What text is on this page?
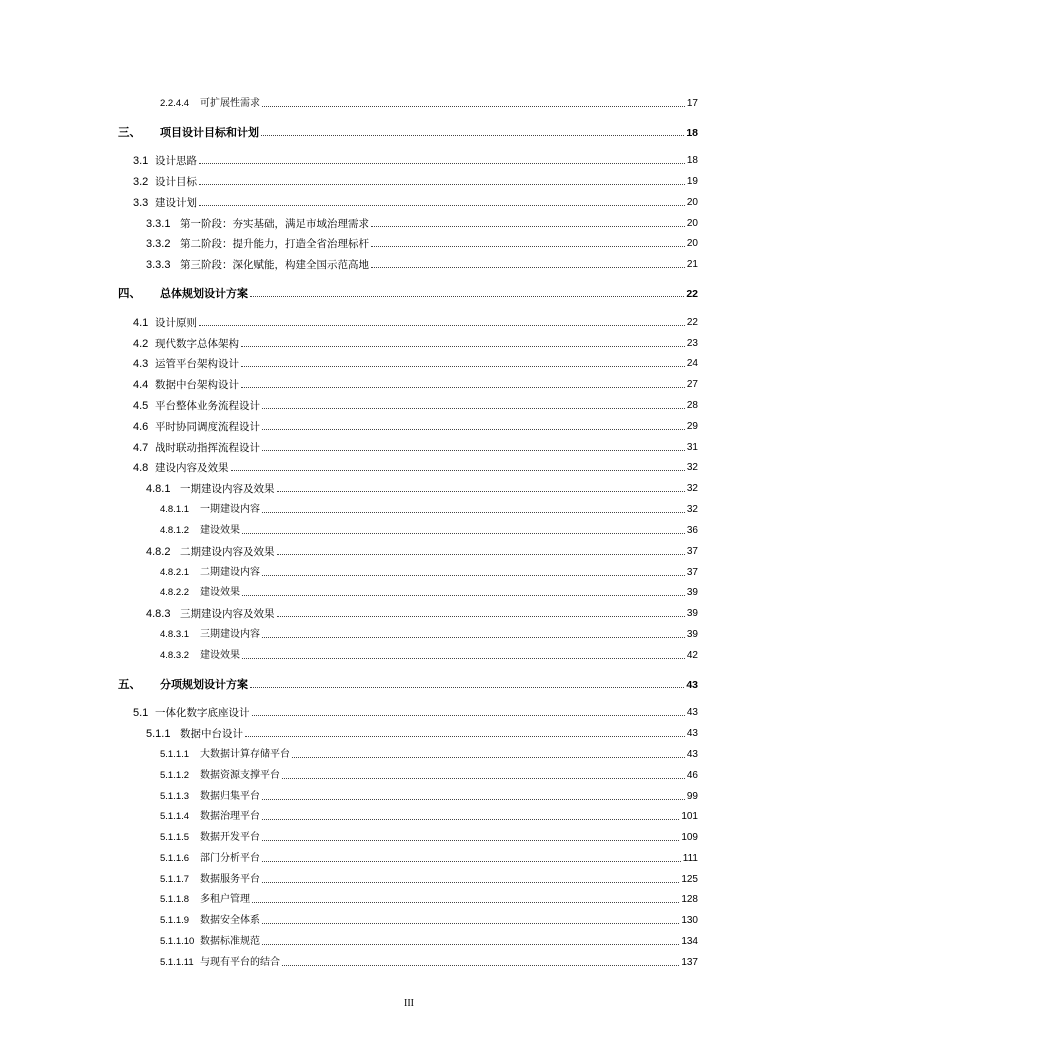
2.2.4.4	可扩展性需求	17
三、	项目设计目标和计划	18
3.1 设计思路	18
3.2 设计目标	19
3.3 建设计划	20
3.3.1 第一阶段：夯实基础，满足市域治理需求	20
3.3.2 第二阶段：提升能力，打造全省治理标杆	20
3.3.3 第三阶段：深化赋能，构建全国示范高地	21
四、	总体规划设计方案	22
4.1 设计原则	22
4.2 现代数字总体架构	23
4.3 运管平台架构设计	24
4.4 数据中台架构设计	27
4.5 平台整体业务流程设计	28
4.6 平时协同调度流程设计	29
4.7 战时联动指挥流程设计	31
4.8 建设内容及效果	32
4.8.1 一期建设内容及效果	32
4.8.1.1	一期建设内容	32
4.8.1.2	建设效果	36
4.8.2 二期建设内容及效果	37
4.8.2.1	二期建设内容	37
4.8.2.2	建设效果	39
4.8.3 三期建设内容及效果	39
4.8.3.1	三期建设内容	39
4.8.3.2	建设效果	42
五、	分项规划设计方案	43
5.1 一体化数字底座设计	43
5.1.1 数据中台设计	43
5.1.1.1	大数据计算存储平台	43
5.1.1.2	数据资源支撑平台	46
5.1.1.3	数据归集平台	99
5.1.1.4	数据治理平台	101
5.1.1.5	数据开发平台	109
5.1.1.6	部门分析平台	111
5.1.1.7	数据服务平台	125
5.1.1.8	多租户管理	128
5.1.1.9	数据安全体系	130
5.1.1.10 数据标准规范	134
5.1.1.11 与现有平台的结合	137
III
